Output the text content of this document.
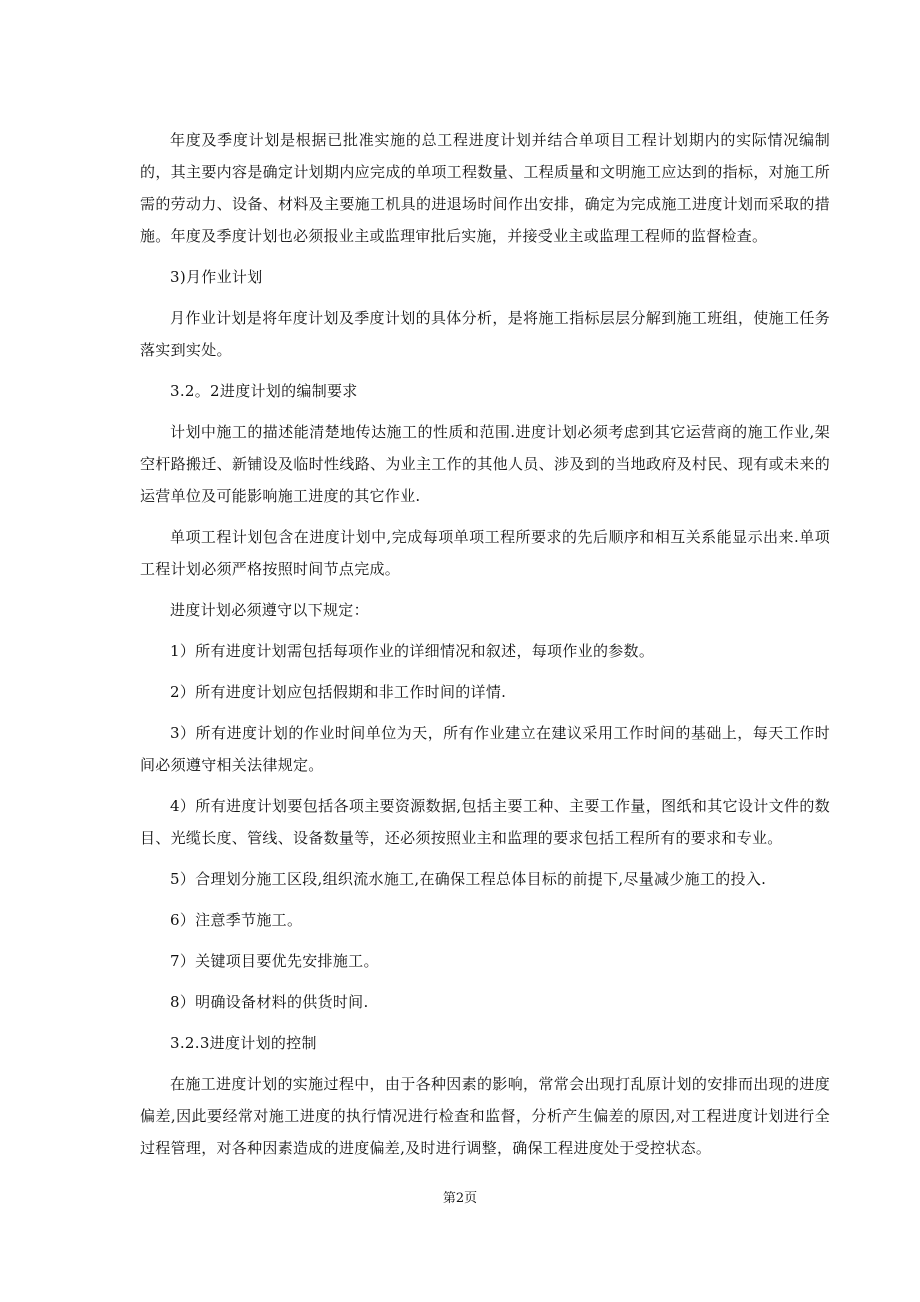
年度及季度计划是根据已批准实施的总工程进度计划并结合单项目工程计划期内的实际情况编制的，其主要内容是确定计划期内应完成的单项工程数量、工程质量和文明施工应达到的指标，对施工所需的劳动力、设备、材料及主要施工机具的进退场时间作出安排，确定为完成施工进度计划而采取的措施。年度及季度计划也必须报业主或监理审批后实施，并接受业主或监理工程师的监督检查。

3)月作业计划

月作业计划是将年度计划及季度计划的具体分析，是将施工指标层层分解到施工班组，使施工任务落实到实处。

3.2。2进度计划的编制要求

计划中施工的描述能清楚地传达施工的性质和范围.进度计划必须考虑到其它运营商的施工作业,架空杆路搬迁、新铺设及临时性线路、为业主工作的其他人员、涉及到的当地政府及村民、现有或未来的运营单位及可能影响施工进度的其它作业.

单项工程计划包含在进度计划中,完成每项单项工程所要求的先后顺序和相互关系能显示出来.单项工程计划必须严格按照时间节点完成。

进度计划必须遵守以下规定：

1）所有进度计划需包括每项作业的详细情况和叙述，每项作业的参数。

2）所有进度计划应包括假期和非工作时间的详情.

3）所有进度计划的作业时间单位为天，所有作业建立在建议采用工作时间的基础上，每天工作时间必须遵守相关法律规定。

4）所有进度计划要包括各项主要资源数据,包括主要工种、主要工作量，图纸和其它设计文件的数目、光缆长度、管线、设备数量等，还必须按照业主和监理的要求包括工程所有的要求和专业。

5）合理划分施工区段,组织流水施工,在确保工程总体目标的前提下,尽量减少施工的投入.

6）注意季节施工。

7）关键项目要优先安排施工。

8）明确设备材料的供货时间.

3.2.3进度计划的控制

在施工进度计划的实施过程中，由于各种因素的影响，常常会出现打乱原计划的安排而出现的进度偏差,因此要经常对施工进度的执行情况进行检查和监督，分析产生偏差的原因,对工程进度计划进行全过程管理，对各种因素造成的进度偏差,及时进行调整，确保工程进度处于受控状态。

第2页
